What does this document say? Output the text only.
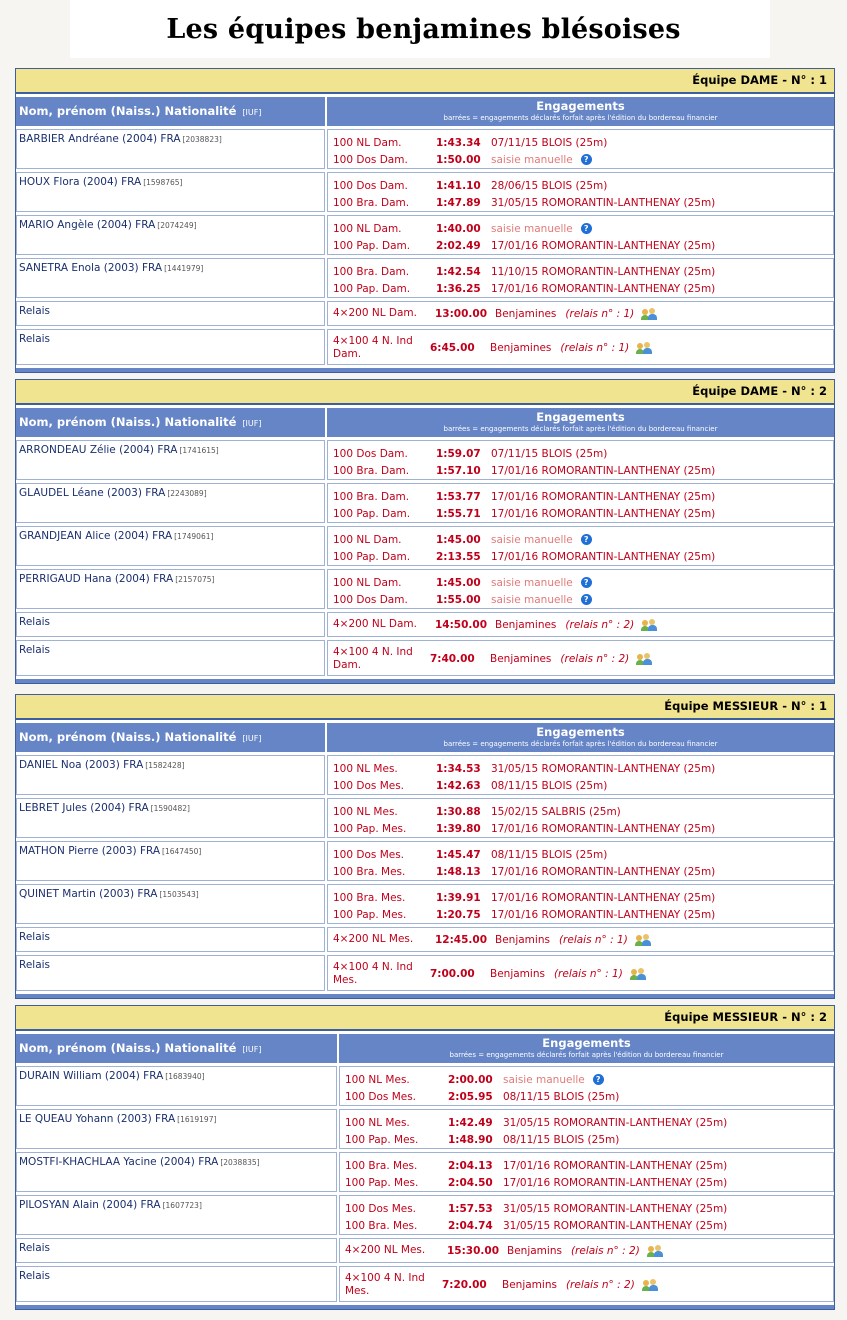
Les équipes benjamines blésoises
Équipe DAME - N° : 1
Nom, prénom (Naiss.) Nationalité [IUF]	Engagements
barrées = engagements déclarés forfait après l'édition du bordereau financier
BARBIER Andréane (2004) FRA [2038823]	100 NL Dam.	1:43.34 07/11/15 BLOIS (25m)
100 Dos Dam.	1:50.00 saisie manuelle	?
HOUX Flora (2004) FRA [1598765]	100 Dos Dam.	1:41.10 28/06/15 BLOIS (25m)
100 Bra. Dam.	1:47.89 31/05/15 ROMORANTIN-LANTHENAY (25m)
MARIO Angèle (2004) FRA [2074249]	100 NL Dam.	1:40.00 saisie manuelle	?
100 Pap. Dam.	2:02.49 17/01/16 ROMORANTIN-LANTHENAY (25m)
SANETRA Enola (2003) FRA [1441979]	100 Bra. Dam.	1:42.54 11/10/15 ROMORANTIN-LANTHENAY (25m)
100 Pap. Dam.	1:36.25 17/01/16 ROMORANTIN-LANTHENAY (25m)
Relais	4×200 NL Dam.	13:00.00 Benjamines (relais n° : 1)
Relais	4×100 4 N. Ind Dam.	6:45.00	Benjamines (relais n° : 1)
Équipe DAME - N° : 2
Nom, prénom (Naiss.) Nationalité [IUF]	Engagements
barrées = engagements déclarés forfait après l'édition du bordereau financier
ARRONDEAU Zélie (2004) FRA [1741615]	100 Dos Dam.	1:59.07 07/11/15 BLOIS (25m)
100 Bra. Dam.	1:57.10 17/01/16 ROMORANTIN-LANTHENAY (25m)
GLAUDEL Léane (2003) FRA [2243089]	100 Bra. Dam.	1:53.77 17/01/16 ROMORANTIN-LANTHENAY (25m)
100 Pap. Dam.	1:55.71 17/01/16 ROMORANTIN-LANTHENAY (25m)
GRANDJEAN Alice (2004) FRA [1749061]	100 NL Dam.	1:45.00 saisie manuelle	?
100 Pap. Dam.	2:13.55 17/01/16 ROMORANTIN-LANTHENAY (25m)
PERRIGAUD Hana (2004) FRA [2157075]	100 NL Dam.	1:45.00 saisie manuelle	?
100 Dos Dam.	1:55.00 saisie manuelle	?
Relais	4×200 NL Dam.	14:50.00 Benjamines (relais n° : 2)
Relais	4×100 4 N. Ind Dam.	7:40.00	Benjamines (relais n° : 2)
Équipe MESSIEUR - N° : 1
Nom, prénom (Naiss.) Nationalité [IUF]	Engagements
barrées = engagements déclarés forfait après l'édition du bordereau financier
DANIEL Noa (2003) FRA [1582428]	100 NL Mes.	1:34.53 31/05/15 ROMORANTIN-LANTHENAY (25m)
100 Dos Mes.	1:42.63 08/11/15 BLOIS (25m)
LEBRET Jules (2004) FRA [1590482]	100 NL Mes.	1:30.88 15/02/15 SALBRIS (25m)
100 Pap. Mes.	1:39.80 17/01/16 ROMORANTIN-LANTHENAY (25m)
MATHON Pierre (2003) FRA [1647450]	100 Dos Mes.	1:45.47 08/11/15 BLOIS (25m)
100 Bra. Mes.	1:48.13 17/01/16 ROMORANTIN-LANTHENAY (25m)
QUINET Martin (2003) FRA [1503543]	100 Bra. Mes.	1:39.91 17/01/16 ROMORANTIN-LANTHENAY (25m)
100 Pap. Mes.	1:20.75 17/01/16 ROMORANTIN-LANTHENAY (25m)
Relais	4×200 NL Mes.	12:45.00 Benjamins (relais n° : 1)
Relais	4×100 4 N. Ind Mes.	7:00.00	Benjamins (relais n° : 1)
Équipe MESSIEUR - N° : 2
Nom, prénom (Naiss.) Nationalité [IUF]	Engagements
barrées = engagements déclarés forfait après l'édition du bordereau financier
DURAIN William (2004) FRA [1683940]	100 NL Mes.	2:00.00 saisie manuelle	?
100 Dos Mes.	2:05.95 08/11/15 BLOIS (25m)
LE QUEAU Yohann (2003) FRA [1619197]	100 NL Mes.	1:42.49 31/05/15 ROMORANTIN-LANTHENAY (25m)
100 Pap. Mes.	1:48.90 08/11/15 BLOIS (25m)
MOSTFI-KHACHLAA Yacine (2004) FRA [2038835]	100 Bra. Mes.	2:04.13 17/01/16 ROMORANTIN-LANTHENAY (25m)
100 Pap. Mes.	2:04.50 17/01/16 ROMORANTIN-LANTHENAY (25m)
PILOSYAN Alain (2004) FRA [1607723]	100 Dos Mes.	1:57.53 31/05/15 ROMORANTIN-LANTHENAY (25m)
100 Bra. Mes.	2:04.74 31/05/15 ROMORANTIN-LANTHENAY (25m)
Relais	4×200 NL Mes.	15:30.00 Benjamins (relais n° : 2)
Relais	4×100 4 N. Ind Mes.	7:20.00	Benjamins (relais n° : 2)
